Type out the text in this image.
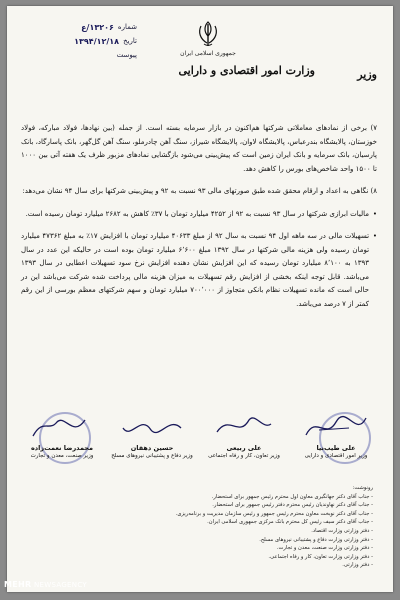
جمهوری اسلامی ایران
وزارت امور اقتصادی و دارایی	وزیر
شماره
۱۳۲۰۶/ع
تاریخ
۱۳۹۴/۱۲/۱۸
پیوست

۷) برخی از نمادهای معاملاتی شرکتها هم‌اکنون در بازار سرمایه بسته است. از جمله (بین نهادها، فولاد مبارکه، فولاد خوزستان، پالایشگاه بندرعباس، پالایشگاه لاوان، پالایشگاه شیراز، سنگ آهن چادرملو، سنگ آهن گل‌گهر، بانک پاسارگاد، بانک پارسیان، بانک سرمایه و بانک ایران زمین است که پیش‌بینی می‌شود بازگشایی نمادهای مزبور ظرف یک هفته آتی بین ۱۰۰۰ تا ۱۵۰۰ واحد شاخص‌های بورس را کاهش دهد.

۸) نگاهی به اعداد و ارقام محقق شده طبق صورتهای مالی ۹۳ نسبت به ۹۲ و پیش‌بینی شرکتها برای سال ۹۴ نشان می‌دهد:

• مالیات ابرازی شرکتها در سال ۹۳ نسبت به ۹۲ از ۴۲۵۲ میلیارد تومان با ۳۷٪ کاهش به ۲۶۸۲ میلیارد تومان رسیده است.

• تسهیلات مالی در سه ماهه اول ۹۴ نسبت به سال ۹۲ از مبلغ ۴۰۶۳۳ میلیارد تومان با افزایش ۱۷٪ به مبلغ ۴۷۳۶۲ میلیارد تومان رسیده ولی هزینه مالی شرکتها در سال ۱۳۹۲ مبلغ ۶٬۶۰۰ میلیارد تومان بوده است در حالیکه این عدد در سال ۱۳۹۳ به ۸٬۱۰۰ میلیارد تومان رسیده که این افزایش نشان دهنده افزایش نرخ سود تسهیلات اعطایی در سال ۱۳۹۳ می‌باشد. قابل توجه اینکه بخشی از افزایش رقم تسهیلات به میزان هزینه مالی پرداخت شده شرکت می‌باشد این در حالی است که مانده تسهیلات نظام بانکی متجاوز از ۷۰۰٬۰۰۰ میلیارد تومان و سهم شرکتهای معظم بورسی از این رقم کمتر از ۷ درصد می‌باشد.

علی طیب‌نیا
وزیر امور اقتصادی و دارایی
علی ربیعی
وزیر تعاون، کار و رفاه اجتماعی
حسین دهقان
وزیر دفاع و پشتیبانی نیروهای مسلح
محمدرضا نعمت‌زاده
وزیر صنعت، معدن و تجارت
رونوشت:
- جناب آقای دکتر جهانگیری معاون اول محترم رئیس جمهور برای استحضار.
- جناب آقای دکتر نهاوندیان رئیس محترم دفتر رئیس جمهور برای استحضار.
- جناب آقای دکتر نوبخت معاون محترم رئیس جمهور و رئیس سازمان مدیریت و برنامه‌ریزی.
- جناب آقای دکتر سیف رئیس کل محترم بانک مرکزی جمهوری اسلامی ایران.
- دفتر وزارتی وزارت اقتصاد.
- دفتر وزارتی وزارت دفاع و پشتیبانی نیروهای مسلح.
- دفتر وزارتی وزارت صنعت، معدن و تجارت.
- دفتر وزارتی وزارت تعاون، کار و رفاه اجتماعی.
- دفتر وزارتی.
MEHR NEWSAGENCY
